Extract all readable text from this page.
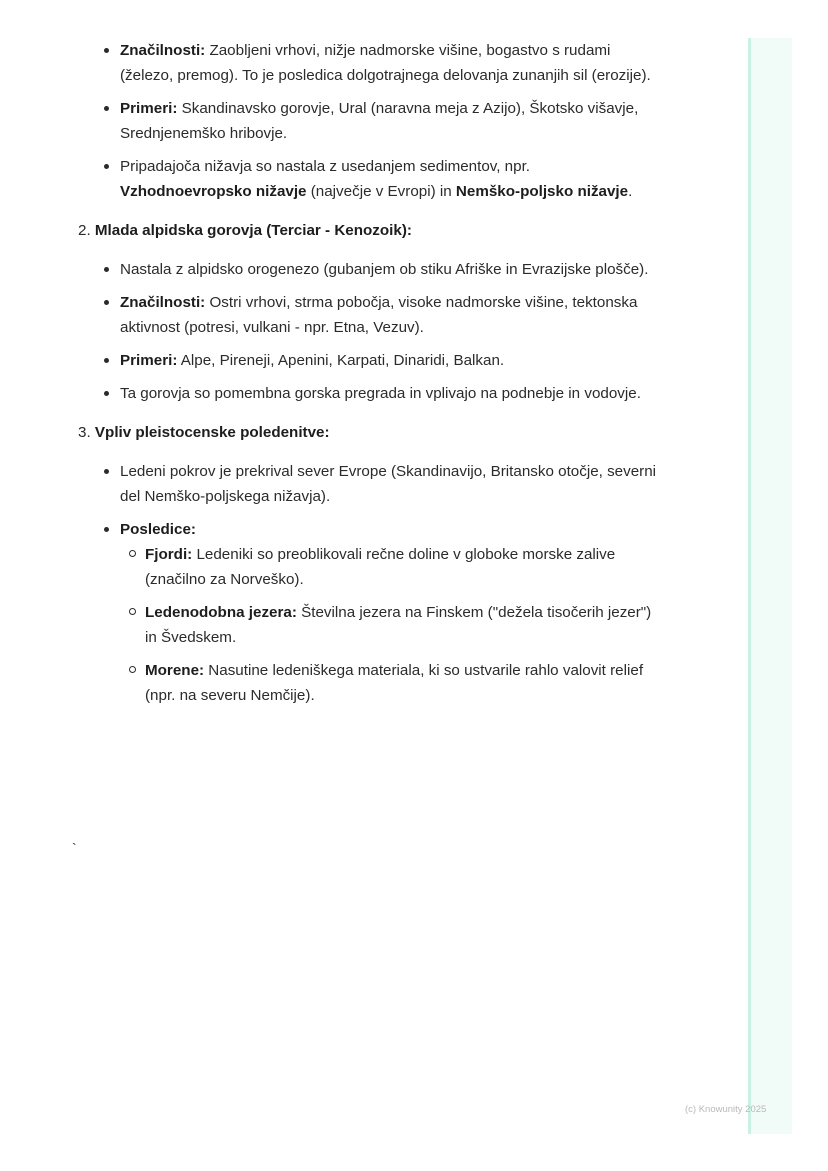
Značilnosti: Zaobljeni vrhovi, nižje nadmorske višine, bogastvo s rudami (železo, premog). To je posledica dolgotrajnega delovanja zunanjih sil (erozije).
Primeri: Skandinavsko gorovje, Ural (naravna meja z Azijo), Škotsko višavje, Srednjenemško hribovje.
Pripadajoča nižavja so nastala z usedanjem sedimentov, npr. Vzhodnoevropsko nižavje (največje v Evropi) in Nemško-poljsko nižavje.
2. Mlada alpidska gorovja (Terciar - Kenozoik):
Nastala z alpidsko orogenezo (gubanjem ob stiku Afriške in Evrazijske plošče).
Značilnosti: Ostri vrhovi, strma pobočja, visoke nadmorske višine, tektonska aktivnost (potresi, vulkani - npr. Etna, Vezuv).
Primeri: Alpe, Pireneji, Apenini, Karpati, Dinaridi, Balkan.
Ta gorovja so pomembna gorska pregrada in vplivajo na podnebje in vodovje.
3. Vpliv pleistocenske poledenitve:
Ledeni pokrov je prekrival sever Evrope (Skandinavijo, Britansko otočje, severni del Nemško-poljskega nižavja).
Posledice:
Fjordi: Ledeniki so preoblikovali rečne doline v globoke morske zalive (značilno za Norveško).
Ledenodobna jezera: Številna jezera na Finskem ("dežela tisočerih jezer") in Švedskem.
Morene: Nasutine ledeniškega materiala, ki so ustvarile rahlo valovit relief (npr. na severu Nemčije).
`
(c) Knowunity 2025
